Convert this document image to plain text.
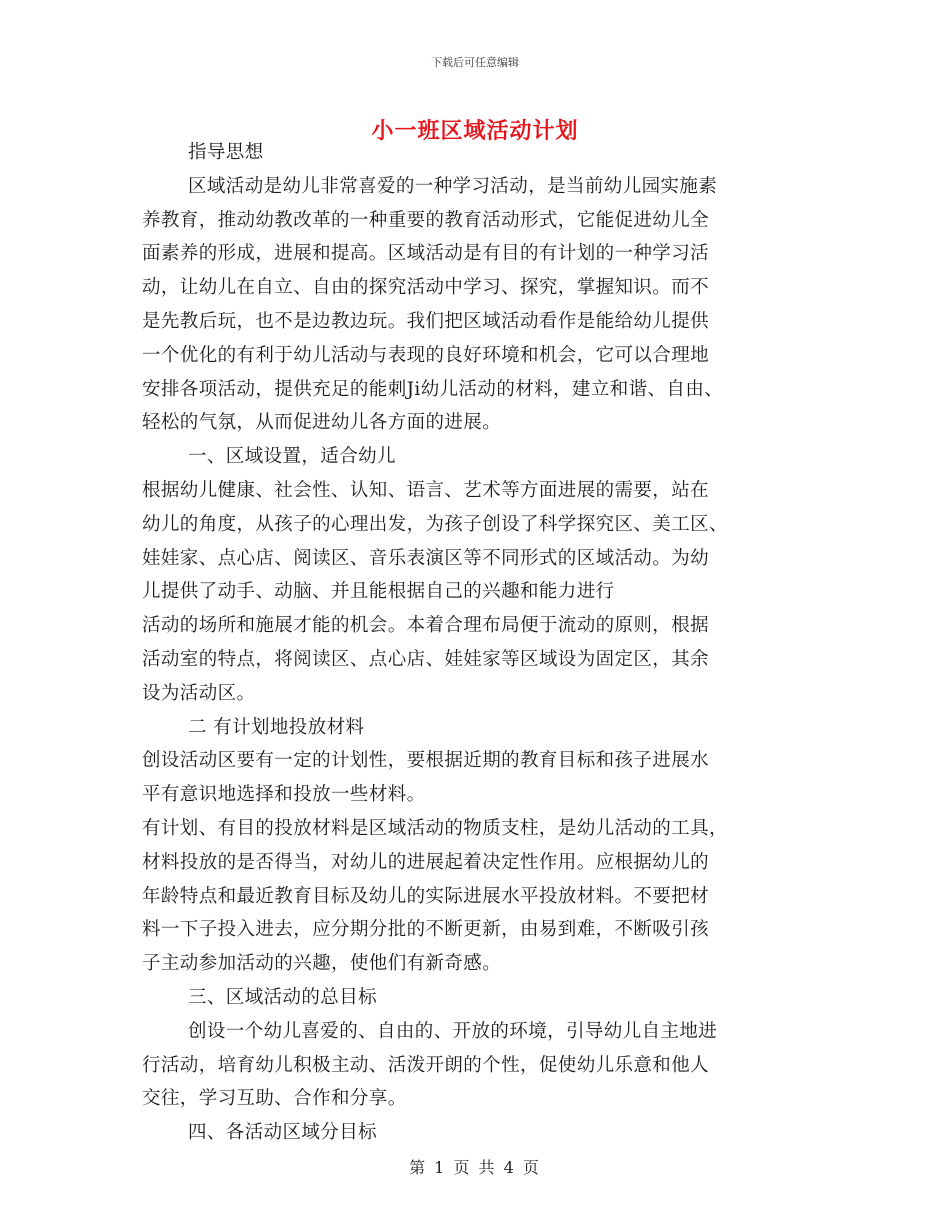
下载后可任意编辑
小一班区域活动计划
指导思想
区域活动是幼儿非常喜爱的一种学习活动，是当前幼儿园实施素
养教育，推动幼教改革的一种重要的教育活动形式，它能促进幼儿全
面素养的形成，进展和提高。区域活动是有目的有计划的一种学习活
动，让幼儿在自立、自由的探究活动中学习、探究，掌握知识。而不
是先教后玩，也不是边教边玩。我们把区域活动看作是能给幼儿提供
一个优化的有利于幼儿活动与表现的良好环境和机会，它可以合理地
安排各项活动，提供充足的能刺Ji幼儿活动的材料，建立和谐、自由、
轻松的气氛，从而促进幼儿各方面的进展。
一、区域设置，适合幼儿
根据幼儿健康、社会性、认知、语言、艺术等方面进展的需要，站在
幼儿的角度，从孩子的心理出发，为孩子创设了科学探究区、美工区、
娃娃家、点心店、阅读区、音乐表演区等不同形式的区域活动。为幼
儿提供了动手、动脑、并且能根据自己的兴趣和能力进行
活动的场所和施展才能的机会。本着合理布局便于流动的原则，根据
活动室的特点，将阅读区、点心店、娃娃家等区域设为固定区，其余
设为活动区。
二 有计划地投放材料
创设活动区要有一定的计划性，要根据近期的教育目标和孩子进展水
平有意识地选择和投放一些材料。
有计划、有目的投放材料是区域活动的物质支柱，是幼儿活动的工具，
材料投放的是否得当，对幼儿的进展起着决定性作用。应根据幼儿的
年龄特点和最近教育目标及幼儿的实际进展水平投放材料。不要把材
料一下子投入进去，应分期分批的不断更新，由易到难，不断吸引孩
子主动参加活动的兴趣，使他们有新奇感。
三、区域活动的总目标
创设一个幼儿喜爱的、自由的、开放的环境，引导幼儿自主地进
行活动，培育幼儿积极主动、活泼开朗的个性，促使幼儿乐意和他人
交往，学习互助、合作和分享。
四、各活动区域分目标
第 1 页 共 4 页
